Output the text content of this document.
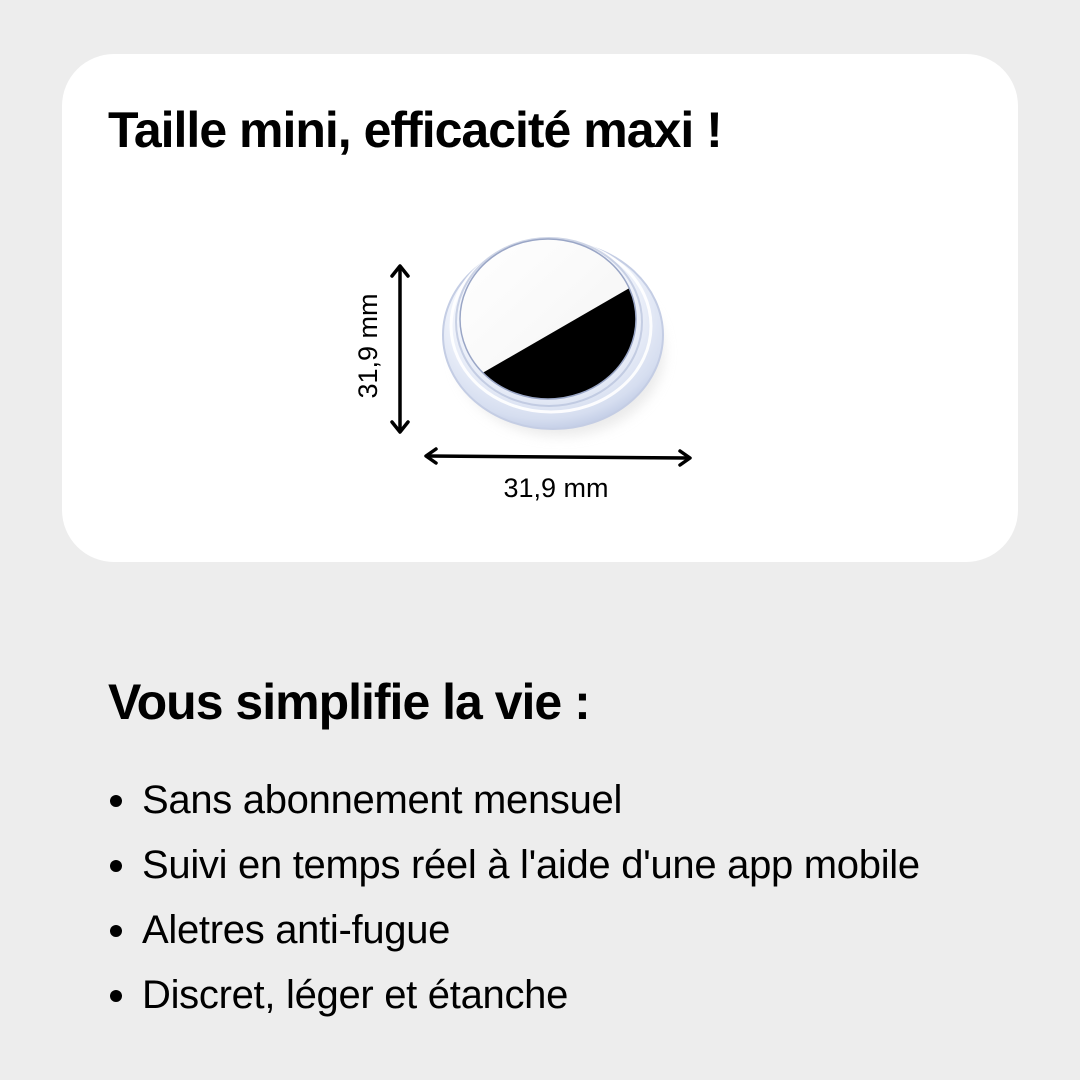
Taille mini, efficacité maxi !
31,9 mm
31,9 mm
Vous simplifie la vie :
Sans abonnement mensuel
Suivi en temps réel à l'aide d'une app mobile
Aletres anti-fugue
Discret, léger et étanche
